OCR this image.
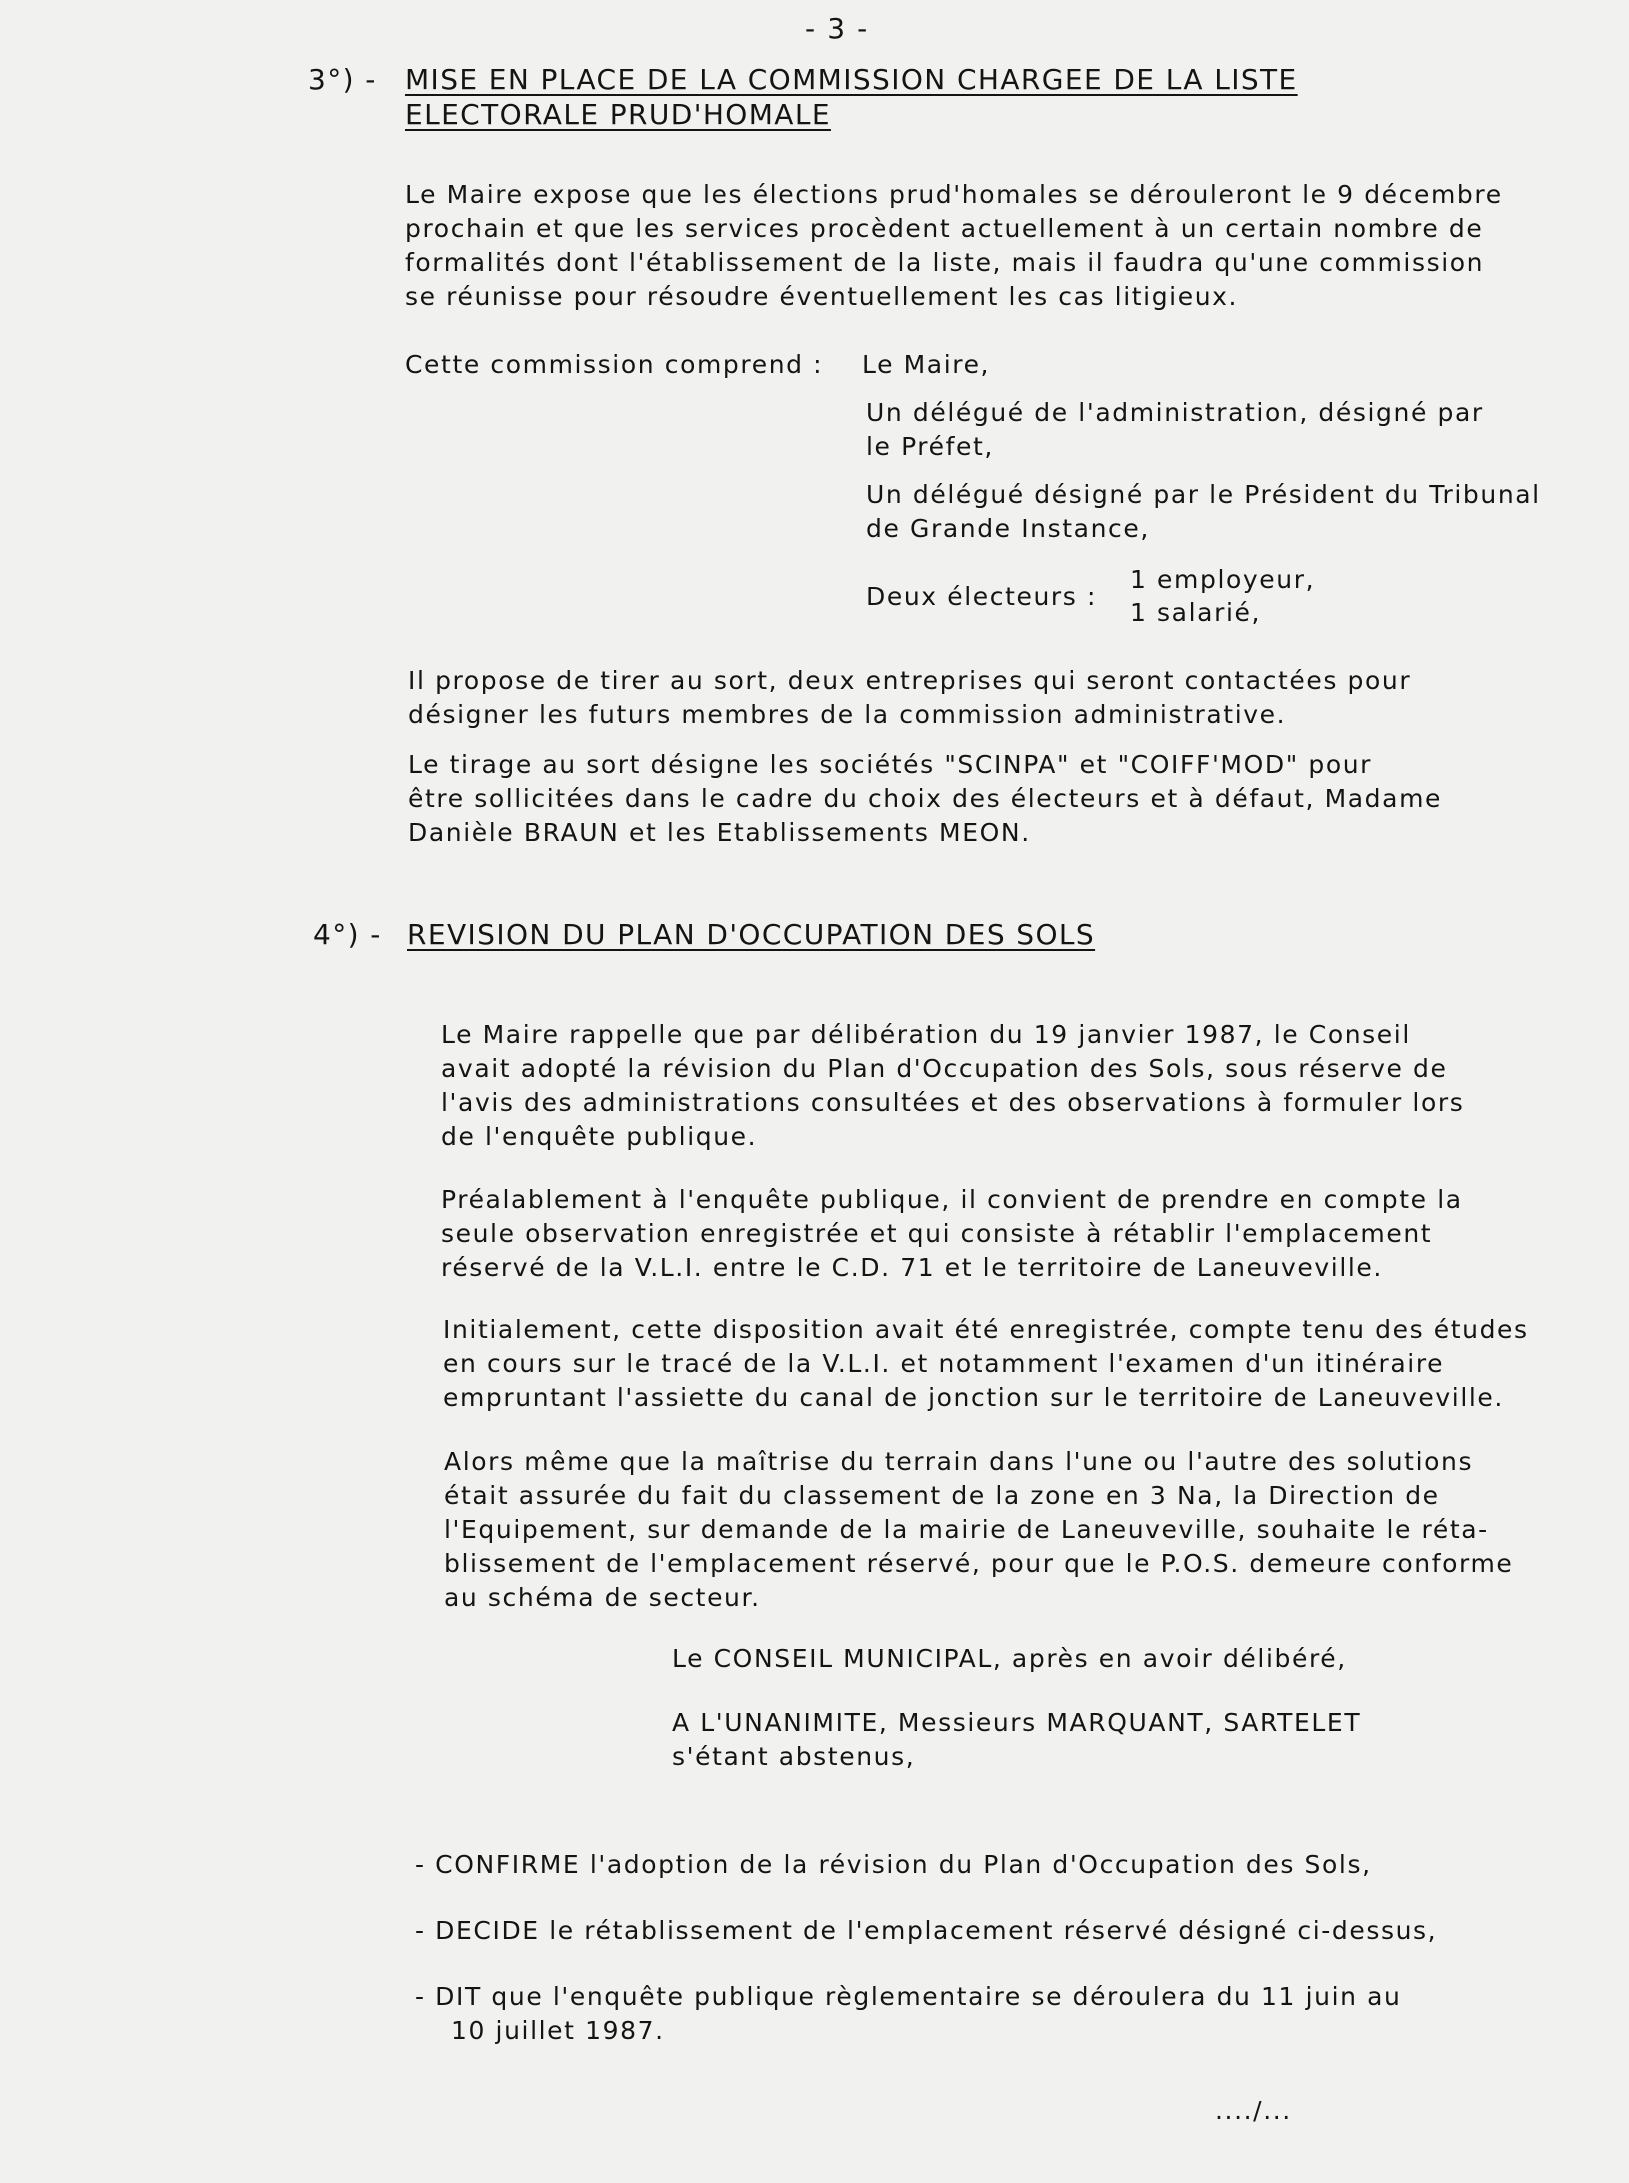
- 3 -
3°) - MISE EN PLACE DE LA COMMISSION CHARGEE DE LA LISTE
ELECTORALE PRUD'HOMALE
Le Maire expose que les élections prud'homales se dérouleront le 9 décembre
prochain et que les services procèdent actuellement à un certain nombre de
formalités dont l'établissement de la liste, mais il faudra qu'une commission
se réunisse pour résoudre éventuellement les cas litigieux.
Cette commission comprend : Le Maire,
Un délégué de l'administration, désigné par
le Préfet,
Un délégué désigné par le Président du Tribunal
de Grande Instance,
Deux électeurs :
1 employeur,
1 salarié,
Il propose de tirer au sort, deux entreprises qui seront contactées pour
désigner les futurs membres de la commission administrative.
Le tirage au sort désigne les sociétés "SCINPA" et "COIFF'MOD" pour
être sollicitées dans le cadre du choix des électeurs et à défaut, Madame
Danièle BRAUN et les Etablissements MEON.
4°) - REVISION DU PLAN D'OCCUPATION DES SOLS
Le Maire rappelle que par délibération du 19 janvier 1987, le Conseil
avait adopté la révision du Plan d'Occupation des Sols, sous réserve de
l'avis des administrations consultées et des observations à formuler lors
de l'enquête publique.
Préalablement à l'enquête publique, il convient de prendre en compte la
seule observation enregistrée et qui consiste à rétablir l'emplacement
réservé de la V.L.I. entre le C.D. 71 et le territoire de Laneuveville.
Initialement, cette disposition avait été enregistrée, compte tenu des études
en cours sur le tracé de la V.L.I. et notamment l'examen d'un itinéraire
empruntant l'assiette du canal de jonction sur le territoire de Laneuveville.
Alors même que la maîtrise du terrain dans l'une ou l'autre des solutions
était assurée du fait du classement de la zone en 3 Na, la Direction de
l'Equipement, sur demande de la mairie de Laneuveville, souhaite le réta-
blissement de l'emplacement réservé, pour que le P.O.S. demeure conforme
au schéma de secteur.
Le CONSEIL MUNICIPAL, après en avoir délibéré,
A L'UNANIMITE, Messieurs MARQUANT, SARTELET
s'étant abstenus,
- CONFIRME l'adoption de la révision du Plan d'Occupation des Sols,
- DECIDE le rétablissement de l'emplacement réservé désigné ci-dessus,
- DIT que l'enquête publique règlementaire se déroulera du 11 juin au
10 juillet 1987.
..../...
